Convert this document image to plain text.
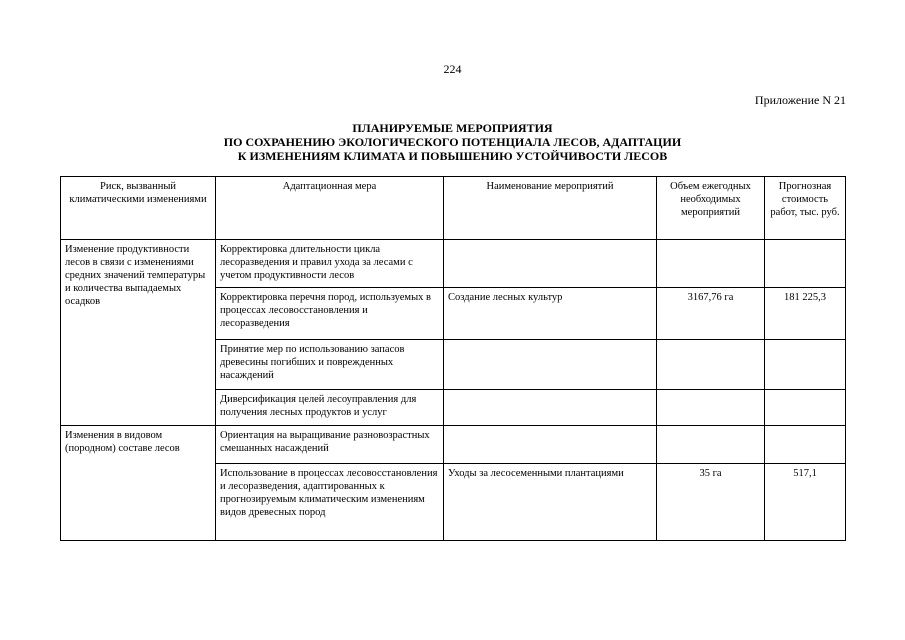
224
Приложение N 21
ПЛАНИРУЕМЫЕ МЕРОПРИЯТИЯ
ПО СОХРАНЕНИЮ ЭКОЛОГИЧЕСКОГО ПОТЕНЦИАЛА ЛЕСОВ, АДАПТАЦИИ
К ИЗМЕНЕНИЯМ КЛИМАТА И ПОВЫШЕНИЮ УСТОЙЧИВОСТИ ЛЕСОВ
Риск, вызванный климатическими изменениями	Адаптационная мера	Наименование мероприятий	Объем ежегодных необходимых мероприятий	Прогнозная стоимость работ, тыс. руб.
Изменение продуктивности лесов в связи с изменениями средних значений температуры и количества выпадаемых осадков	Корректировка длительности цикла лесоразведения и правил ухода за лесами с учетом продуктивности лесов			
	Корректировка перечня пород, используемых в процессах лесовосстановления и лесоразведения	Создание лесных культур	3167,76 га	181 225,3
	Принятие мер по использованию запасов древесины погибших и поврежденных насаждений			
	Диверсификация целей лесоуправления для получения лесных продуктов и услуг			
Изменения в видовом (породном) составе лесов	Ориентация на выращивание разновозрастных смешанных насаждений			
	Использование в процессах лесовосстановления и лесоразведения, адаптированных к прогнозируемым климатическим изменениям видов древесных пород	Уходы за лесосеменными плантациями	35 га	517,1
